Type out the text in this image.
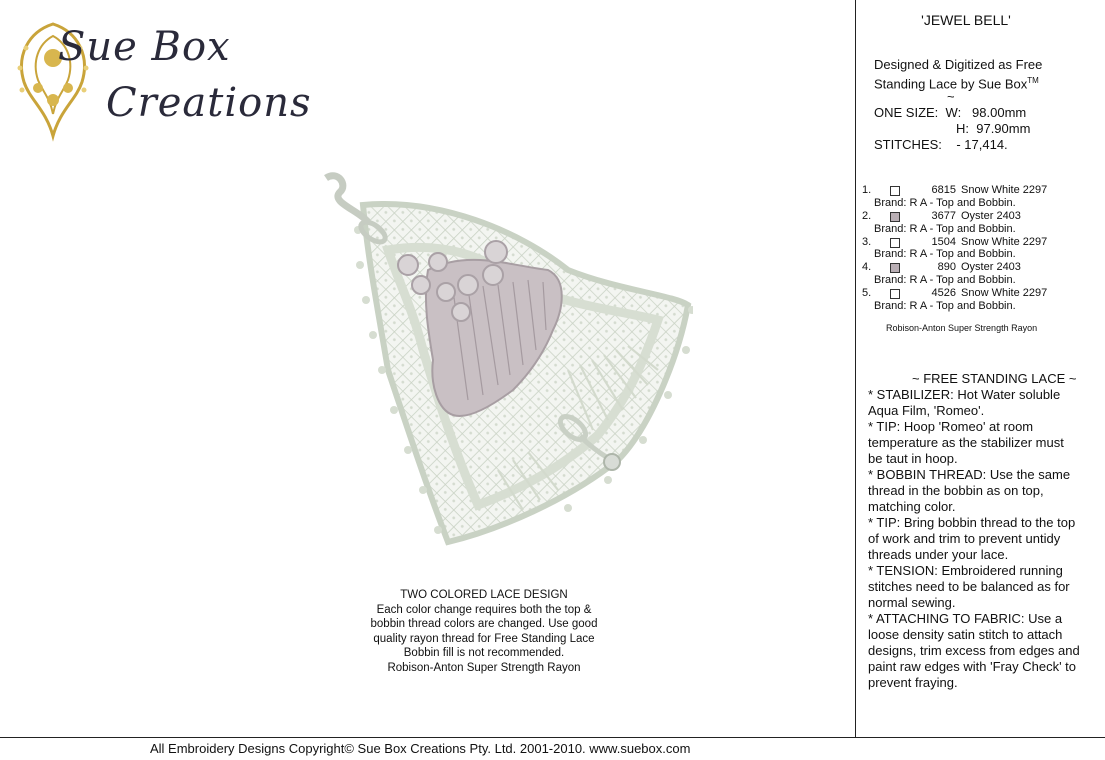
Sue Box
Creations
TWO COLORED LACE DESIGN
Each color change requires both the top &
bobbin thread colors are changed. Use good
quality rayon thread for Free Standing Lace
Bobbin fill is not recommended.
Robison-Anton Super Strength Rayon
'JEWEL BELL'
Designed & Digitized as Free
Standing Lace by Sue Box™
~
ONE SIZE: W: 98.00mm
H: 97.90mm
STITCHES: - 17,414.
1.	6815 Snow White 2297
Brand: R A - Top and Bobbin.
2.	3677 Oyster 2403
Brand: R A - Top and Bobbin.
3.	1504 Snow White 2297
Brand: R A - Top and Bobbin.
4.	890 Oyster 2403
Brand: R A - Top and Bobbin.
5.	4526 Snow White 2297
Brand: R A - Top and Bobbin.
Robison-Anton Super Strength Rayon
~ FREE STANDING LACE ~
* STABILIZER: Hot Water soluble
Aqua Film, 'Romeo'.
* TIP: Hoop 'Romeo' at room
temperature as the stabilizer must
be taut in hoop.
* BOBBIN THREAD: Use the same
thread in the bobbin as on top,
matching color.
* TIP: Bring bobbin thread to the top
of work and trim to prevent untidy
threads under your lace.
* TENSION: Embroidered running
stitches need to be balanced as for
normal sewing.
* ATTACHING TO FABRIC: Use a
loose density satin stitch to attach
designs, trim excess from edges and
paint raw edges with 'Fray Check' to
prevent fraying.
All Embroidery Designs Copyright© Sue Box Creations Pty. Ltd. 2001-2010. www.suebox.com
